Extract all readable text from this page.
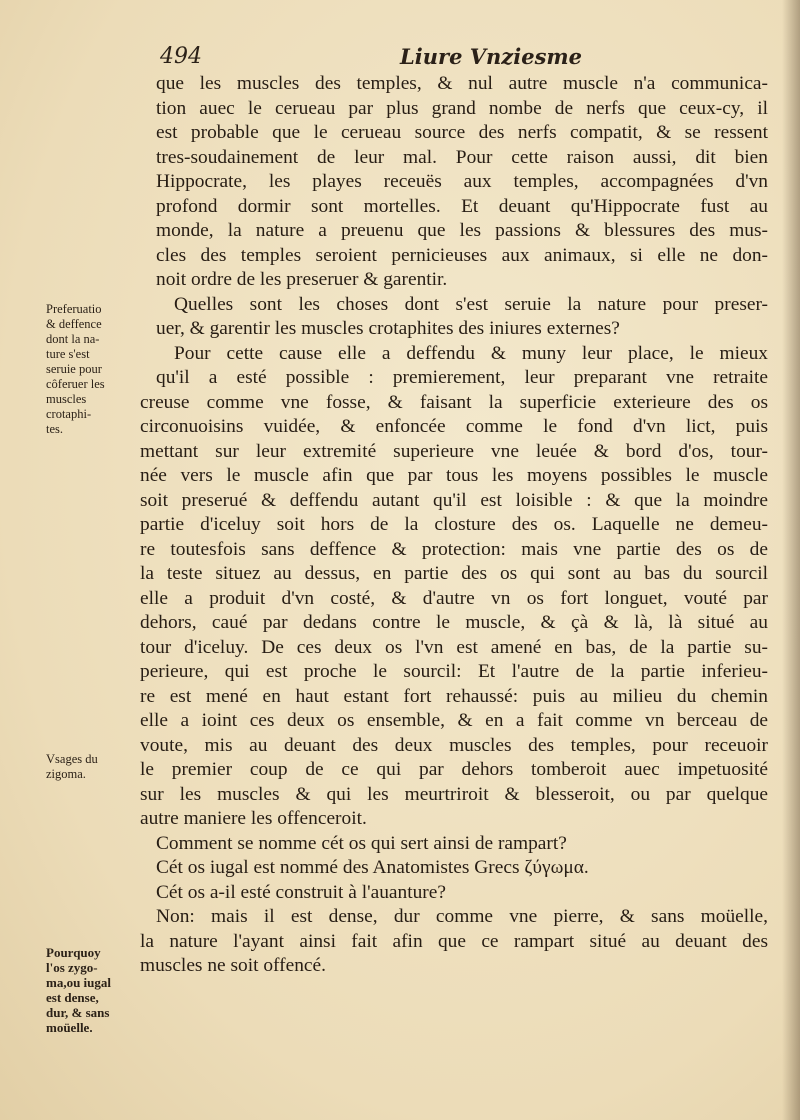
494	Liure Vnziesme
Preferuatio
& deffence
dont la na-
ture s'est
seruie pour
côferuer les
muscles
crotaphi-
tes.
Vsages du
zigoma.
Pourquoy
l'os zygo-
ma,ou iugal
est dense,
dur, & sans
moüelle.
que les muscles des temples, & nul autre muscle n'a communica-
tion auec le cerueau par plus grand nombe de nerfs que ceux-cy, il
est probable que le cerueau source des nerfs compatit, & se ressent
tres-soudainement de leur mal. Pour cette raison aussi, dit bien
Hippocrate, les playes receuës aux temples, accompagnées d'vn
profond dormir sont mortelles. Et deuant qu'Hippocrate fust au
monde, la nature a preuenu que les passions & blessures des mus-
cles des temples seroient pernicieuses aux animaux, si elle ne don-
noit ordre de les preseruer & garentir.
Quelles sont les choses dont s'est seruie la nature pour preser-
uer, & garentir les muscles crotaphites des iniures externes?
Pour cette cause elle a deffendu & muny leur place, le mieux
qu'il a esté possible : premierement, leur preparant vne retraite
creuse comme vne fosse, & faisant la superficie exterieure des os
circonuoisins vuidée, & enfoncée comme le fond d'vn lict, puis
mettant sur leur extremité superieure vne leuée & bord d'os, tour-
née vers le muscle afin que par tous les moyens possibles le muscle
soit preserué & deffendu autant qu'il est loisible : & que la moindre
partie d'iceluy soit hors de la closture des os. Laquelle ne demeu-
re toutesfois sans deffence & protection: mais vne partie des os de
la teste situez au dessus, en partie des os qui sont au bas du sourcil
elle a produit d'vn costé, & d'autre vn os fort longuet, vouté par
dehors, caué par dedans contre le muscle, & çà & là, là situé au
tour d'iceluy. De ces deux os l'vn est amené en bas, de la partie su-
perieure, qui est proche le sourcil: Et l'autre de la partie inferieu-
re est mené en haut estant fort rehaussé: puis au milieu du chemin
elle a ioint ces deux os ensemble, & en a fait comme vn berceau de
voute, mis au deuant des deux muscles des temples, pour receuoir
le premier coup de ce qui par dehors tomberoit auec impetuosité
sur les muscles & qui les meurtriroit & blesseroit, ou par quelque
autre maniere les offenceroit.
Comment se nomme cét os qui sert ainsi de rampart?
Cét os iugal est nommé des Anatomistes Grecs ζύγωμα.
Cét os a-il esté construit à l'auanture?
Non: mais il est dense, dur comme vne pierre, & sans moüelle,
la nature l'ayant ainsi fait afin que ce rampart situé au deuant des
muscles ne soit offencé.
